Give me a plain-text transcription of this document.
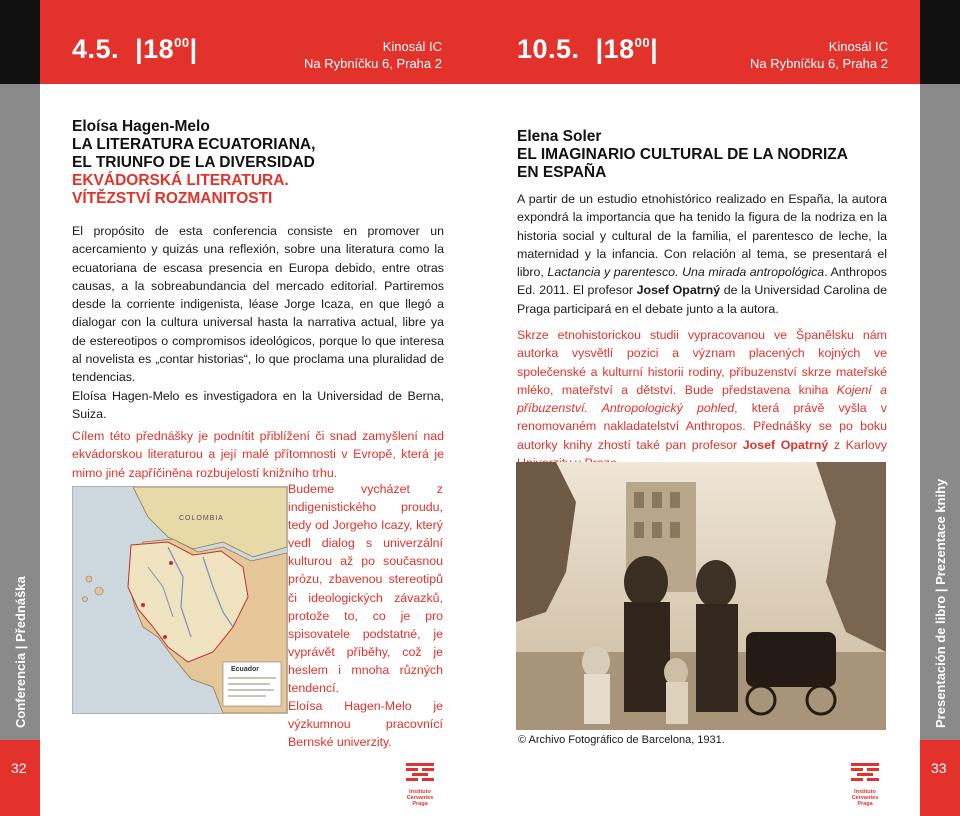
4.5. $|18^{00}|$	Kinosál IC
Na Rybníčku 6, Praha 2	10.5. $|18^{00}|$	Kinosál IC
Na Rybníčku 6, Praha 2
Conferencia | Přednáška
32
Presentación de libro | Prezentace knihy
33
Eloísa Hagen-Melo
LA LITERATURA ECUATORIANA,
EL TRIUNFO DE LA DIVERSIDAD
EKVÁDORSKÁ LITERATURA.
VÍTĚZSTVÍ ROZMANITOSTI

El propósito de esta conferencia consiste en promover un acercamiento y quizás una reflexión, sobre una literatura como la ecuatoriana de escasa presencia en Europa debido, entre otras causas, a la sobreabundancia del mercado editorial. Partiremos desde la corriente indigenista, léase Jorge Icaza, en que llegó a dialogar con la cultura universal hasta la narrativa actual, libre ya de estereotipos o compromisos ideológicos, porque lo que interesa al novelista es „contar historias“, lo que proclama una pluralidad de tendencias.

Eloísa Hagen-Melo es investigadora en la Universidad de Berna, Suiza.

Cílem této přednášky je podnítit přiblížení či snad zamyšlení nad ekvádorskou literaturou a její malé přítomnosti v Evropě, která je mimo jiné zapříčiněna rozbujelostí knižního trhu.

Budeme vycházet z indigenistického proudu, tedy od Jorgeho Icazy, který vedl dialog s univerzální kulturou až po současnou prózu, zbavenou stereotipů či ideologických závazků, protože to, co je pro spisovatele podstatné, je vyprávět příběhy, což je heslem i mnoha různých tendencí.

Eloísa Hagen-Melo je výzkumnou pracovnící Bernské univerzity.

COLOMBIA
Ecuador
Elena Soler
EL IMAGINARIO CULTURAL DE LA NODRIZA
EN ESPAÑA
A partir de un estudio etnohistórico realizado en España, la autora expondrá la importancia que ha tenido la figura de la nodriza en la historia social y cultural de la familia, el parentesco de leche, la maternidad y la infancia. Con relación al tema, se presentará el libro, Lactancia y parentesco. Una mirada antropológica. Anthropos Ed. 2011. El profesor Josef Opatrný de la Universidad Carolina de Praga participará en el debate junto a la autora.
Skrze etnohistorickou studii vypracovanou ve Španělsku nám autorka vysvětlí pozici a význam placených kojných ve společenské a kulturní historii rodiny, příbuzenství skrze mateřské mléko, mateřství a dětství. Bude představena kniha Kojení a příbuzenství. Antropologický pohled, která právě vyšla v renomovaném nakladatelství Anthropos. Přednášky se po boku autorky knihy zhostí také pan profesor Josef Opatrný z Karlovy
© Archivo Fotográfico de Barcelona, 1931.
Instituto
Cervantes
Praga
Instituto
Cervantes
Praga
